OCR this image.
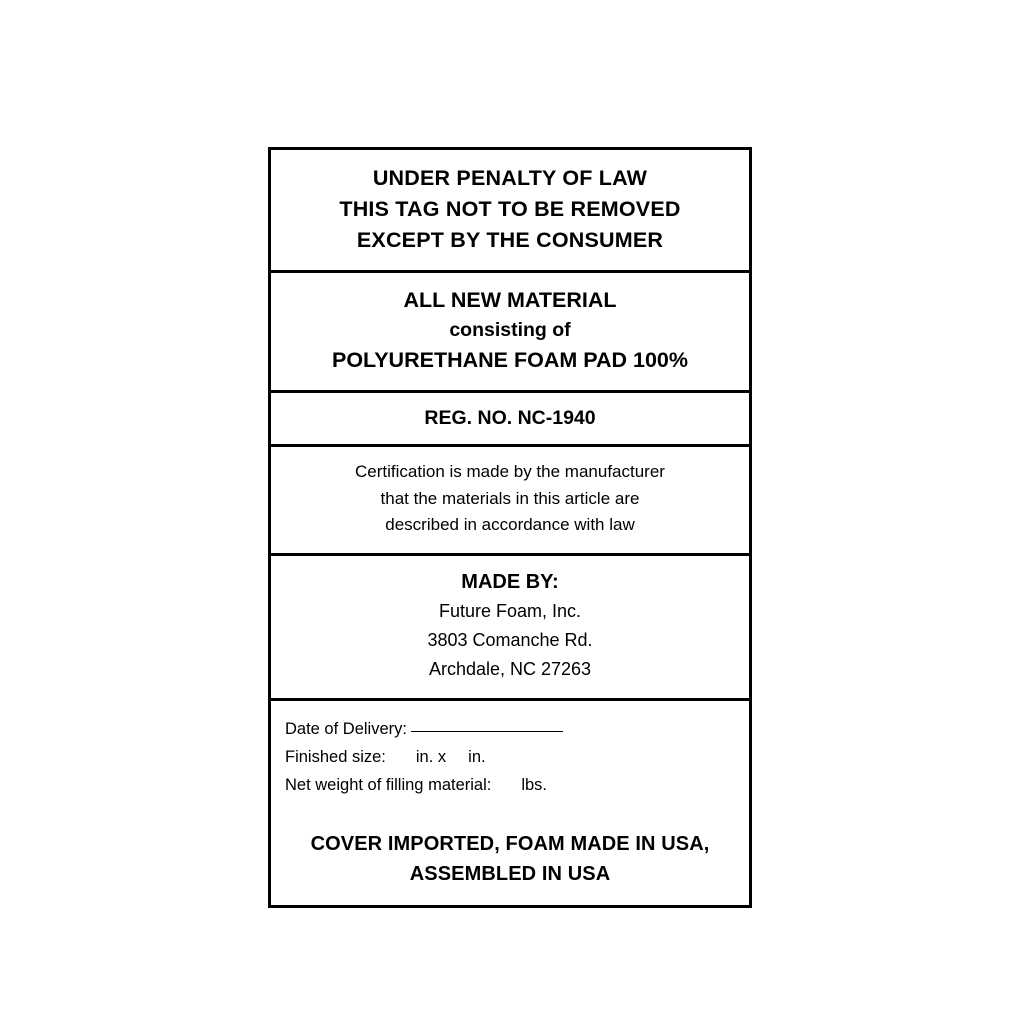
UNDER PENALTY OF LAW
THIS TAG NOT TO BE REMOVED
EXCEPT BY THE CONSUMER
ALL NEW MATERIAL
consisting of
POLYURETHANE FOAM PAD 100%
REG. NO. NC-1940
Certification is made by the manufacturer
that the materials in this article are
described in accordance with law
MADE BY:
Future Foam, Inc.
3803 Comanche Rd.
Archdale, NC 27263
Date of Delivery:
Finished size: in. x in.
Net weight of filling material: lbs.
COVER IMPORTED, FOAM MADE IN USA,
ASSEMBLED IN USA
